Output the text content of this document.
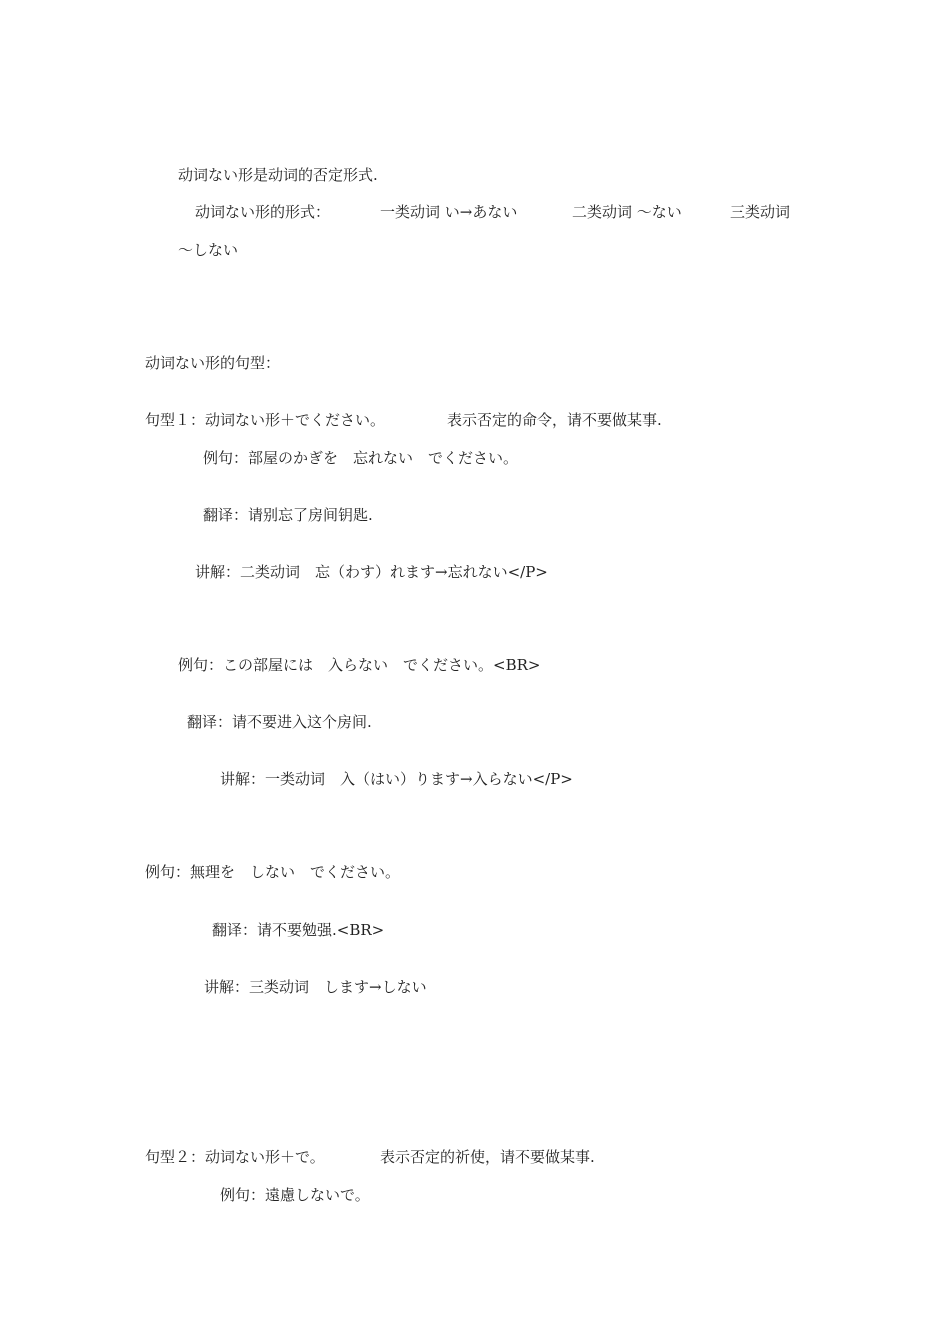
动词ない形是动词的否定形式.
动词ない形的形式：	一类动词 い→あない	二类动词 ～ない	三类动词
～しない
动词ない形的句型：
句型１：动词ない形＋でください。	表示否定的命令，请不要做某事.
例句：部屋のかぎを　忘れない　でください。
翻译：请别忘了房间钥匙.
讲解：二类动词　忘（わす）れます→忘れない</P>
例句：この部屋には　入らない　でください。<BR>
翻译：请不要进入这个房间.
讲解：一类动词　入（はい）ります→入らない</P>
例句：無理を　しない　でください。
翻译：请不要勉强.<BR>
讲解：三类动词　します→しない
句型２：动词ない形＋で。	表示否定的祈使，请不要做某事.
例句：遠慮しないで。
